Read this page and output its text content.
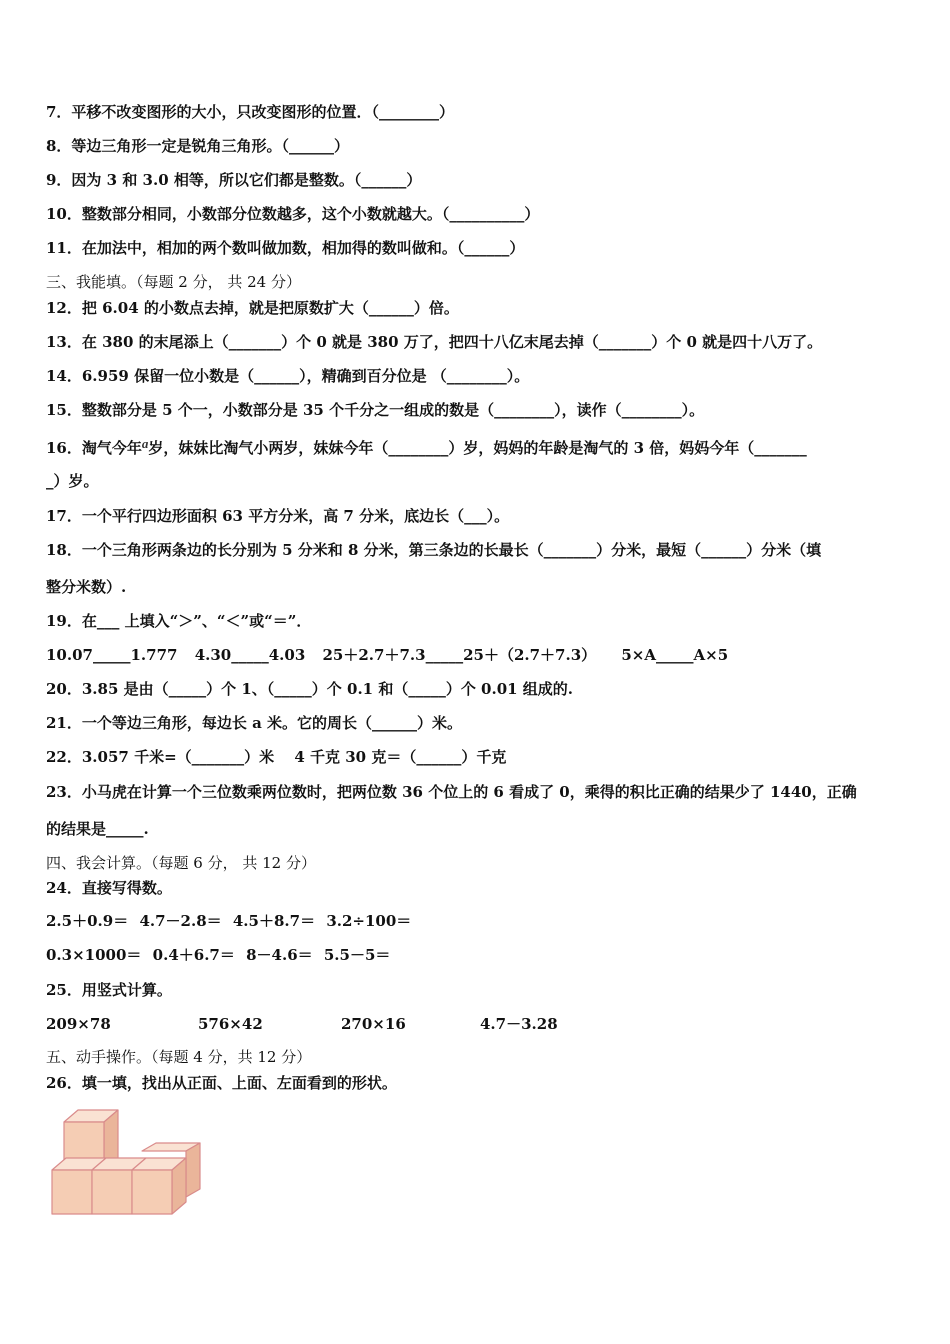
7．平移不改变图形的大小，只改变图形的位置．（________）
8．等边三角形一定是锐角三角形。（______）
9．因为 3 和 3.0 相等，所以它们都是整数。（______）
10．整数部分相同，小数部分位数越多，这个小数就越大。（__________）
11．在加法中，相加的两个数叫做加数，相加得的数叫做和。（______）
三、我能填。（每题 2 分， 共 24 分）
12．把 6.04 的小数点去掉，就是把原数扩大（______）倍。
13．在 380 的末尾添上（_______）个 0 就是 380 万了，把四十八亿末尾去掉（_______）个 0 就是四十八万了。
14．6.959 保留一位小数是（______），精确到百分位是 （________）。
15．整数部分是 5 个一，小数部分是 35 个千分之一组成的数是（________），读作（________）。
16．淘气今年a岁，妹妹比淘气小两岁，妹妹今年（________）岁，妈妈的年龄是淘气的 3 倍，妈妈今年（_______
_）岁。
17．一个平行四边形面积 63 平方分米，高 7 分米，底边长（___）。
18．一个三角形两条边的长分别为 5 分米和 8 分米，第三条边的长最长（_______）分米，最短（______）分米（填
整分米数）.
19．在___ 上填入“＞”、“＜”或“＝”．
10.07_____1.777 4.30_____4.03 25＋2.7＋7.3_____25＋（2.7＋7.3） 5×A_____A×5
20．3.85 是由（_____）个 1、（_____）个 0.1 和（_____）个 0.01 组成的.
21．一个等边三角形，每边长 a 米。它的周长（______）米。
22．3.057 千米=（_______）米　 4 千克 30 克＝（______）千克
23．小马虎在计算一个三位数乘两位数时，把两位数 36 个位上的 6 看成了 0，乘得的积比正确的结果少了 1440，正确
的结果是_____.
四、我会计算。（每题 6 分， 共 12 分）
24．直接写得数。
2.5＋0.9＝ 4.7－2.8＝ 4.5＋8.7＝ 3.2÷100＝
0.3×1000＝ 0.4＋6.7＝ 8－4.6＝ 5.5－5＝
25．用竖式计算。
209×78	576×42	270×16	4.7－3.28
五、动手操作。（每题 4 分，共 12 分）
26．填一填，找出从正面、上面、左面看到的形状。
